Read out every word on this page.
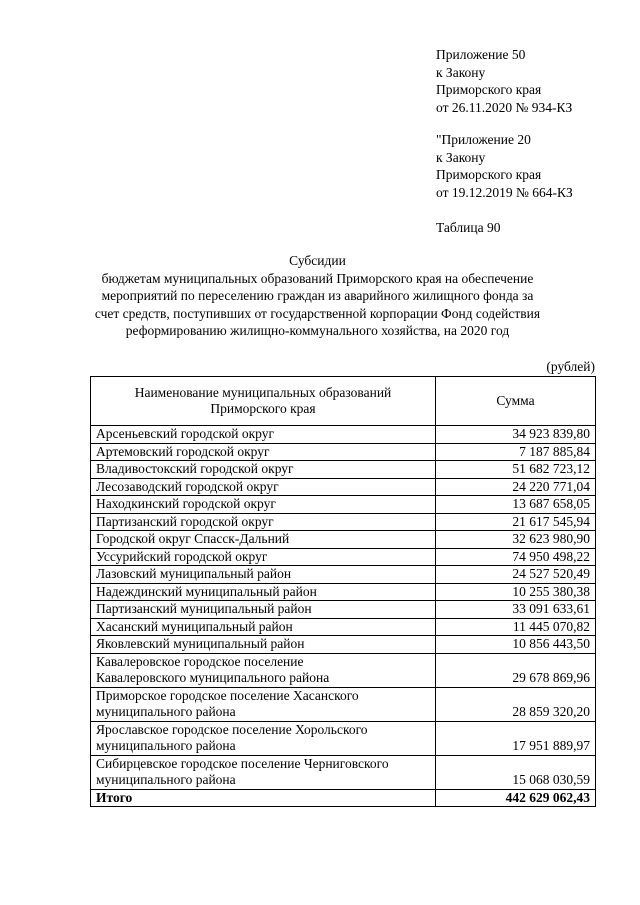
Приложение 50
к Закону
Приморского края
от 26.11.2020 № 934-КЗ
"Приложение 20
к Закону
Приморского края
от 19.12.2019 № 664-КЗ
Таблица 90
Субсидии
бюджетам муниципальных образований Приморского края на обеспечение
мероприятий по переселению граждан из аварийного жилищного фонда за
счет средств, поступивших от государственной корпорации Фонд содействия
реформированию жилищно-коммунального хозяйства, на 2020 год
(рублей)
Наименование муниципальных образований
Приморского края	Сумма

Арсеньевский городской округ	34 923 839,80

Артемовский городской округ	7 187 885,84

Владивостокский городской округ	51 682 723,12

Лесозаводский городской округ	24 220 771,04

Находкинский городской округ	13 687 658,05

Партизанский городской округ	21 617 545,94

Городской округ Спасск-Дальний	32 623 980,90

Уссурийский городской округ	74 950 498,22

Лазовский муниципальный район	24 527 520,49

Надеждинский муниципальный район	10 255 380,38

Партизанский муниципальный район	33 091 633,61

Хасанский муниципальный район	11 445 070,82

Яковлевский муниципальный район	10 856 443,50

Кавалеровское городское поселение
Кавалеровского муниципального района	29 678 869,96

Приморское городское поселение Хасанского
муниципального района	28 859 320,20

Ярославское городское поселение Хорольского
муниципального района	17 951 889,97

Сибирцевское городское поселение Черниговского
муниципального района	15 068 030,59
Итого	442 629 062,43
